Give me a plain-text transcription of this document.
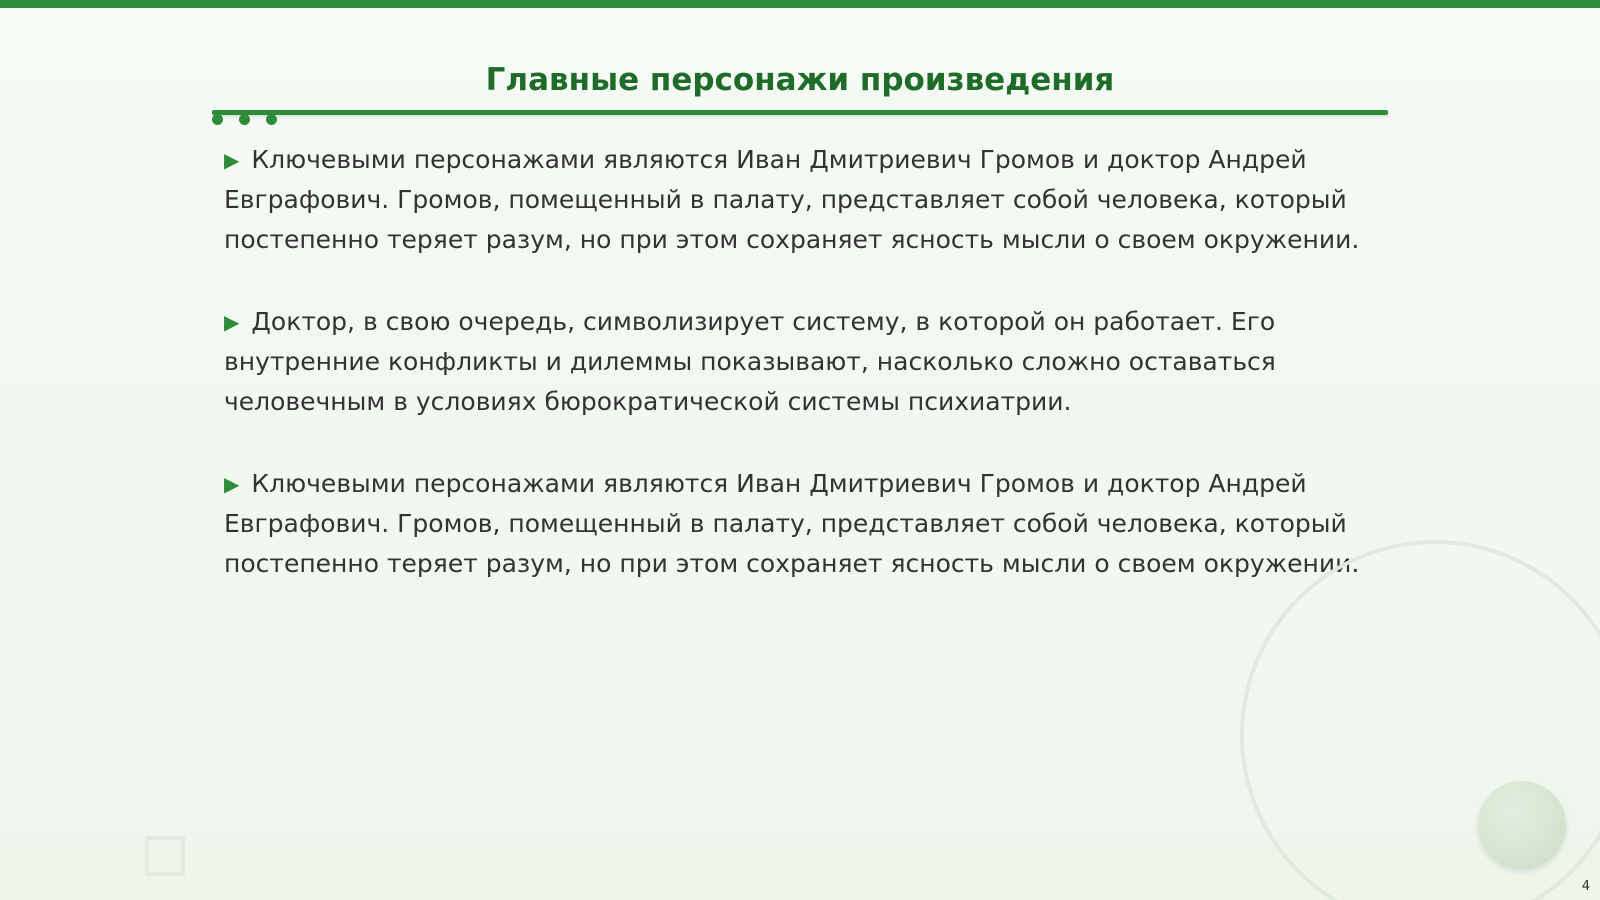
Главные персонажи произведения

▶ Ключевыми персонажами являются Иван Дмитриевич Громов и доктор Андрей Евграфович. Громов, помещенный в палату, представляет собой человека, который постепенно теряет разум, но при этом сохраняет ясность мысли о своем окружении.

▶ Доктор, в свою очередь, символизирует систему, в которой он работает. Его внутренние конфликты и дилеммы показывают, насколько сложно оставаться человечным в условиях бюрократической системы психиатрии.

▶ Ключевыми персонажами являются Иван Дмитриевич Громов и доктор Андрей Евграфович. Громов, помещенный в палату, представляет собой человека, который постепенно теряет разум, но при этом сохраняет ясность мысли о своем окружении.

4
